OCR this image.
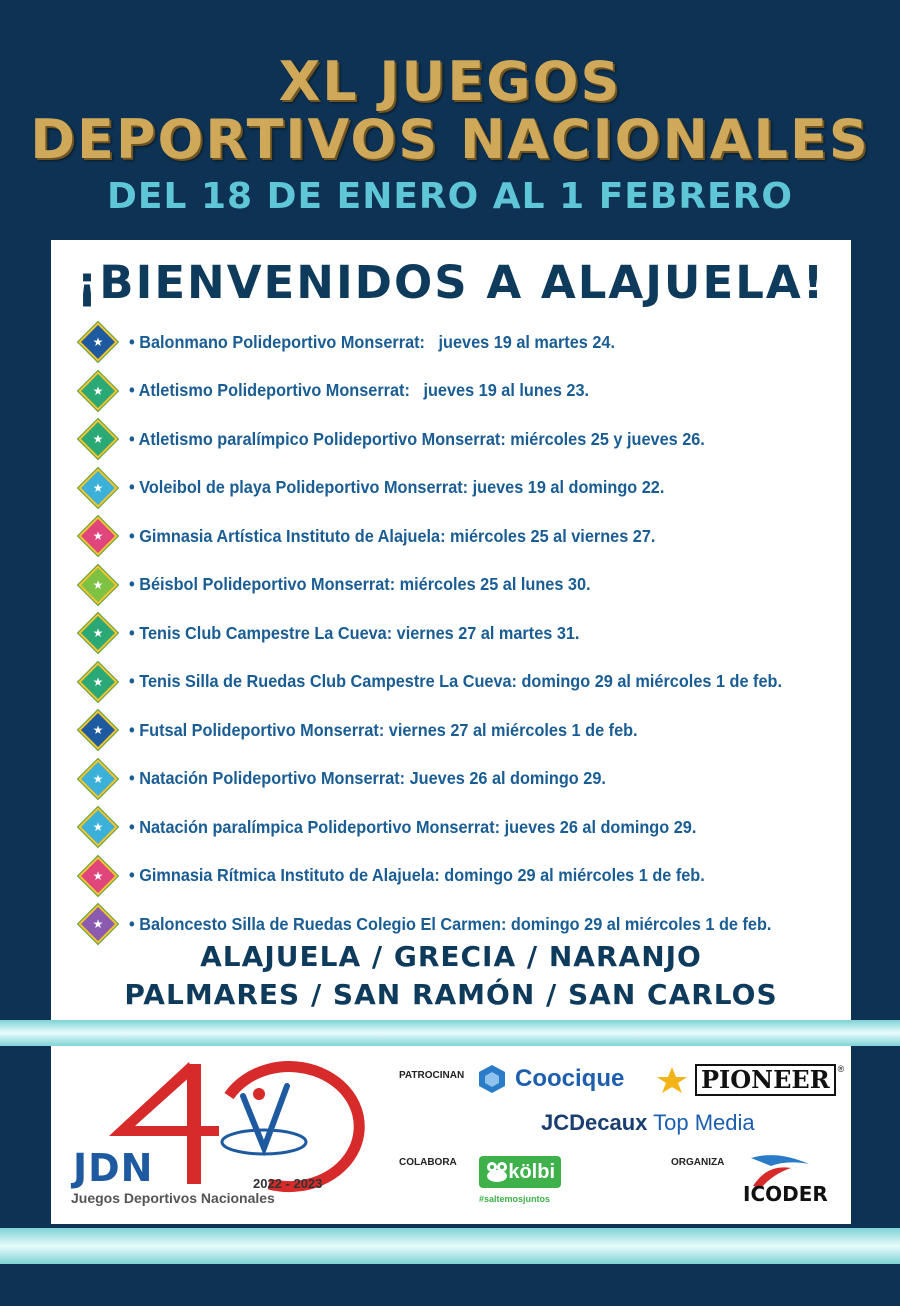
XL JUEGOS
DEPORTIVOS NACIONALES
DEL 18 DE ENERO AL 1 FEBRERO
¡BIENVENIDOS A ALAJUELA!
★	• Balonmano Polideportivo Monserrat:   jueves 19 al martes 24.
★	• Atletismo Polideportivo Monserrat:   jueves 19 al lunes 23.
★	• Atletismo paralímpico Polideportivo Monserrat: miércoles 25 y jueves 26.
★	• Voleibol de playa Polideportivo Monserrat: jueves 19 al domingo 22.
★	• Gimnasia Artística Instituto de Alajuela: miércoles 25 al viernes 27.
★	• Béisbol Polideportivo Monserrat: miércoles 25 al lunes 30.
★	• Tenis Club Campestre La Cueva: viernes 27 al martes 31.
★	• Tenis Silla de Ruedas Club Campestre La Cueva: domingo 29 al miércoles 1 de feb.
★	• Futsal Polideportivo Monserrat: viernes 27 al miércoles 1 de feb.
★	• Natación Polideportivo Monserrat: Jueves 26 al domingo 29.
★	• Natación paralímpica Polideportivo Monserrat: jueves 26 al domingo 29.
★	• Gimnasia Rítmica Instituto de Alajuela: domingo 29 al miércoles 1 de feb.
★	• Baloncesto Silla de Ruedas Colegio El Carmen: domingo 29 al miércoles 1 de feb.
ALAJUELA / GRECIA / NARANJO
PALMARES / SAN RAMÓN / SAN CARLOS
JDN	2022 - 2023
Juegos Deportivos Nacionales
PATROCINAN Coocique	PIONEER ®
JCDecaux Top Media
COLABORA	kölbi
#saltemosjuntos
ORGANIZA
ICODER
